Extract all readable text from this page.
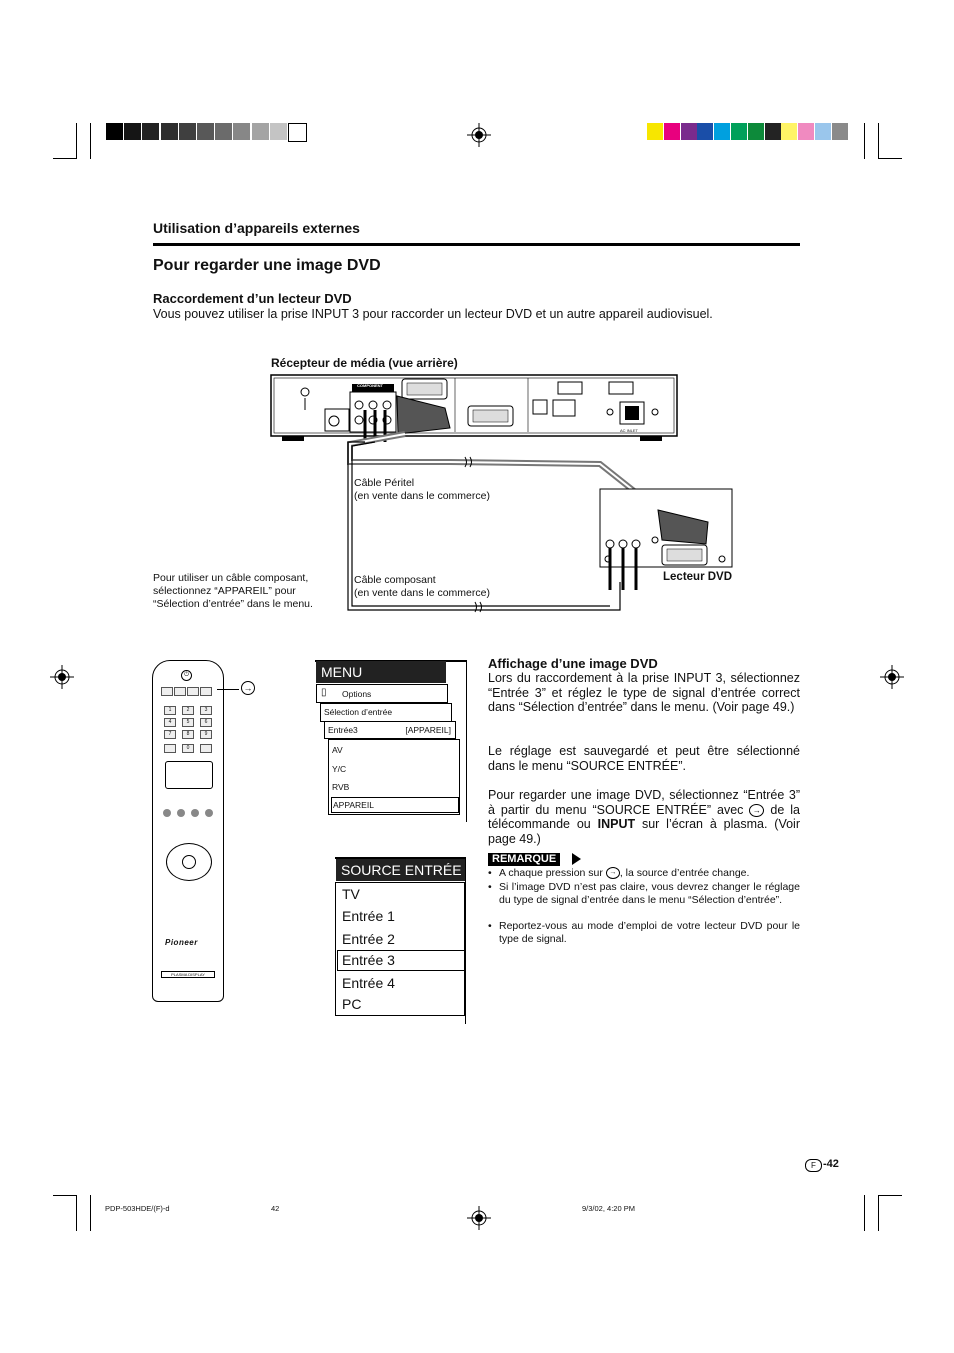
Utilisation d’appareils externes
Pour regarder une image DVD
Raccordement d’un lecteur DVD
Vous pouvez utiliser la prise INPUT 3 pour raccorder un lecteur DVD et un autre appareil audiovisuel.
Récepteur de média (vue arrière)
COMPONENT
AC INLET
Câble Péritel
(en vente dans le commerce)
Câble composant
(en vente dans le commerce)
Lecteur DVD
Pour utiliser un câble composant,
sélectionnez “APPAREIL” pour
“Sélection d’entrée” dans le menu.
⏻
1	2	3
4	5	6
7	8	9
0
Pioneer
PLASMA DISPLAY
→
MENU
▯ Options
Sélection d’entrée
Entrée3	[APPAREIL]
AV
Y/C
RVB
APPAREIL
SOURCE ENTRÉE
TV
Entrée 1
Entrée 2
Entrée 3
Entrée 4
PC
Affichage d’une image DVD
Lors du raccordement à la prise INPUT 3, sélectionnez “Entrée 3” et réglez le type de signal d’entrée correct dans “Sélection d’entrée” dans le menu. (Voir page 49.)
Le réglage est sauvegardé et peut être sélectionné dans le menu “SOURCE ENTRÉE”.
Pour regarder une image DVD, sélectionnez “Entrée 3” à partir du menu “SOURCE ENTRÉE” avec → de la télécommande ou INPUT sur l’écran à plasma. (Voir page 49.)
REMARQUE
• A chaque pression sur → , la source d’entrée change.
• Si l’image DVD n’est pas claire, vous devrez changer le réglage du type de signal d’entrée dans le menu “Sélection d’entrée”.
• Reportez-vous au mode d’emploi de votre lecteur DVD pour le type de signal.
F -42
PDP-503HDE/(F)-d	42	9/3/02, 4:20 PM
